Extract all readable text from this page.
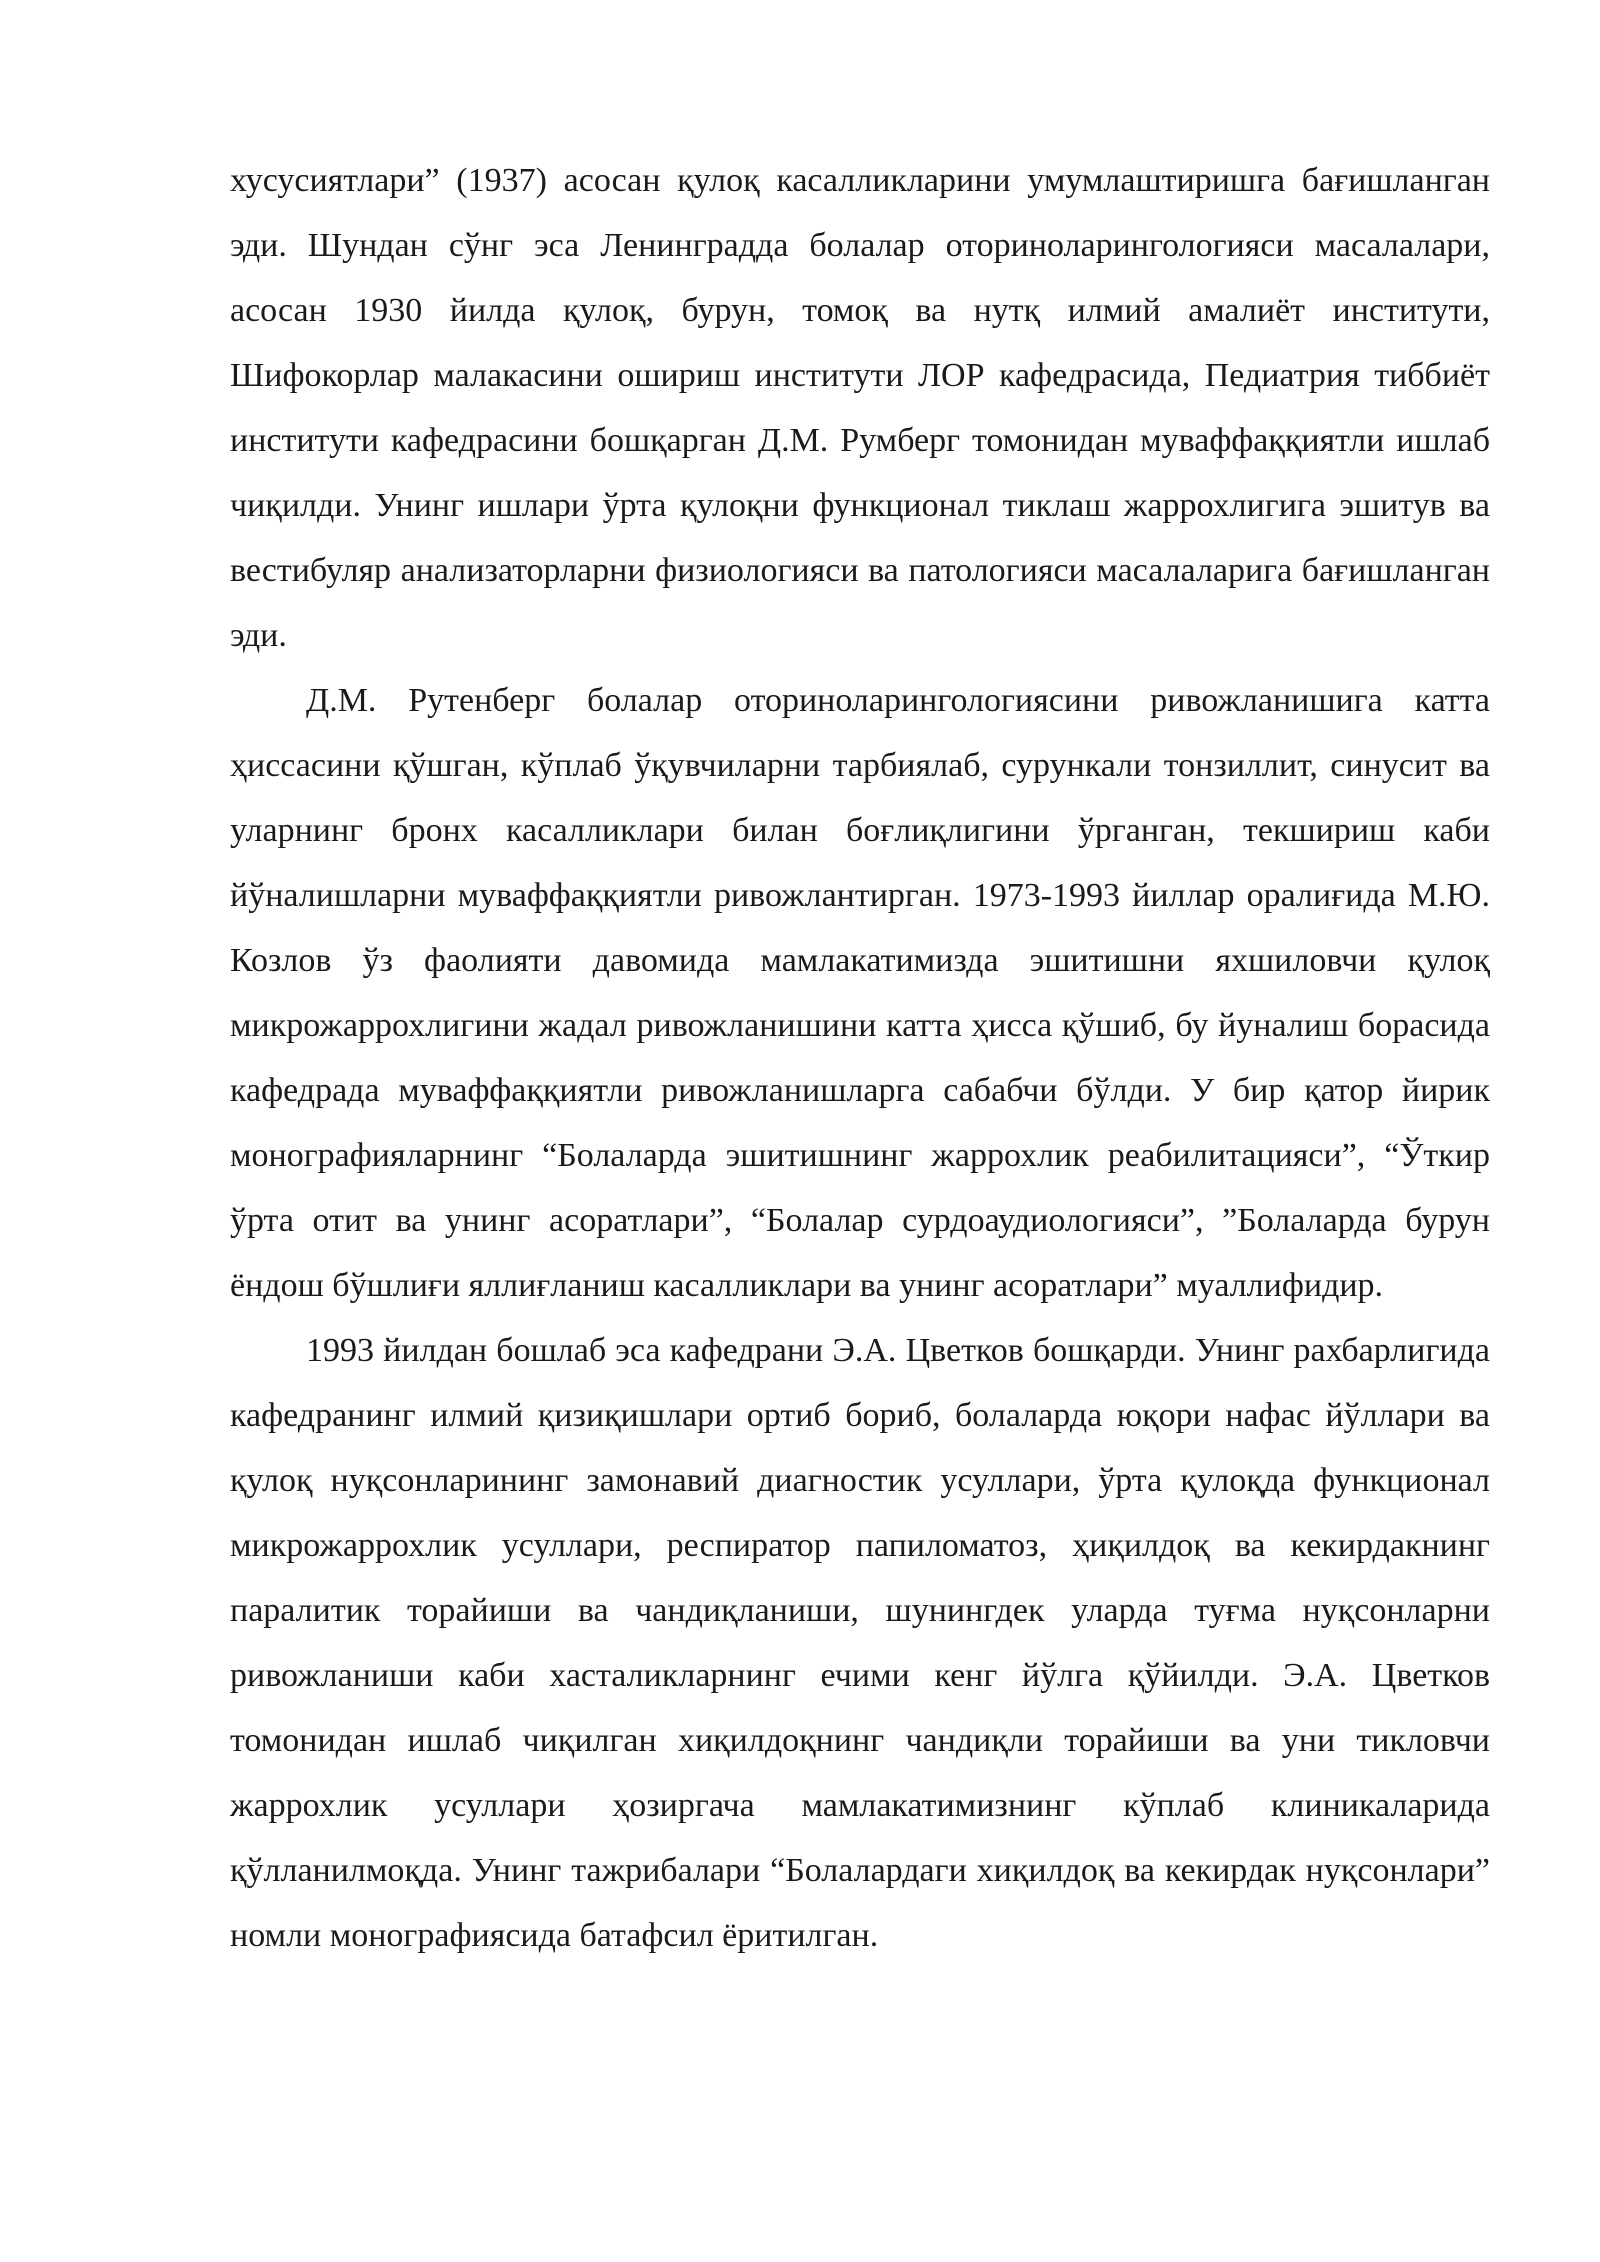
хусусиятлари” (1937) асосан қулоқ касалликларини умумлаштиришга бағишланган эди. Шундан сўнг эса Ленинградда болалар оториноларингологияси масалалари, асосан 1930 йилда қулоқ, бурун, томоқ ва нутқ илмий амалиёт институти, Шифокорлар малакасини ошириш институти ЛОР кафедрасида, Педиатрия тиббиёт институти кафедрасини бошқарган Д.М. Румберг томонидан муваффаққиятли ишлаб чиқилди. Унинг ишлари ўрта қулоқни функционал тиклаш жаррохлигига эшитув ва вестибуляр анализаторларни физиологияси ва патологияси масалаларига бағишланган эди.

Д.М. Рутенберг болалар оториноларингологиясини ривожланишига катта ҳиссасини қўшган, кўплаб ўқувчиларни тарбиялаб, сурункали тонзиллит, синусит ва уларнинг бронх касалликлари билан боғлиқлигини ўрганган, текшириш каби йўналишларни муваффаққиятли ривожлантирган. 1973-1993 йиллар оралиғида М.Ю. Козлов ўз фаолияти давомида мамлакатимизда эшитишни яхшиловчи қулоқ микрожаррохлигини жадал ривожланишини катта ҳисса қўшиб, бу йуналиш борасида кафедрада муваффаққиятли ривожланишларга сабабчи бўлди. У бир қатор йирик монографияларнинг “Болаларда эшитишнинг жаррохлик реабилитацияси”, “Ўткир ўрта отит ва унинг асоратлари”, “Болалар сурдоаудиологияси”, ”Болаларда бурун ёндош бўшлиғи яллиғланиш касалликлари ва унинг асоратлари” муаллифидир.

1993 йилдан бошлаб эса кафедрани Э.А. Цветков бошқарди. Унинг рахбарлигида кафедранинг илмий қизиқишлари ортиб бориб, болаларда юқори нафас йўллари ва қулоқ нуқсонларининг замонавий диагностик усуллари, ўрта қулоқда функционал микрожаррохлик усуллари, респиратор папиломатоз, ҳиқилдоқ ва кекирдакнинг паралитик торайиши ва чандиқланиши, шунингдек уларда туғма нуқсонларни ривожланиши каби хасталикларнинг ечими кенг йўлга қўйилди. Э.А. Цветков томонидан ишлаб чиқилган хиқилдоқнинг чандиқли торайиши ва уни тикловчи жаррохлик усуллари ҳозиргача мамлакатимизнинг кўплаб клиникаларида қўлланилмоқда. Унинг тажрибалари “Болалардаги хиқилдоқ ва кекирдак нуқсонлари” номли монографиясида батафсил ёритилган.
